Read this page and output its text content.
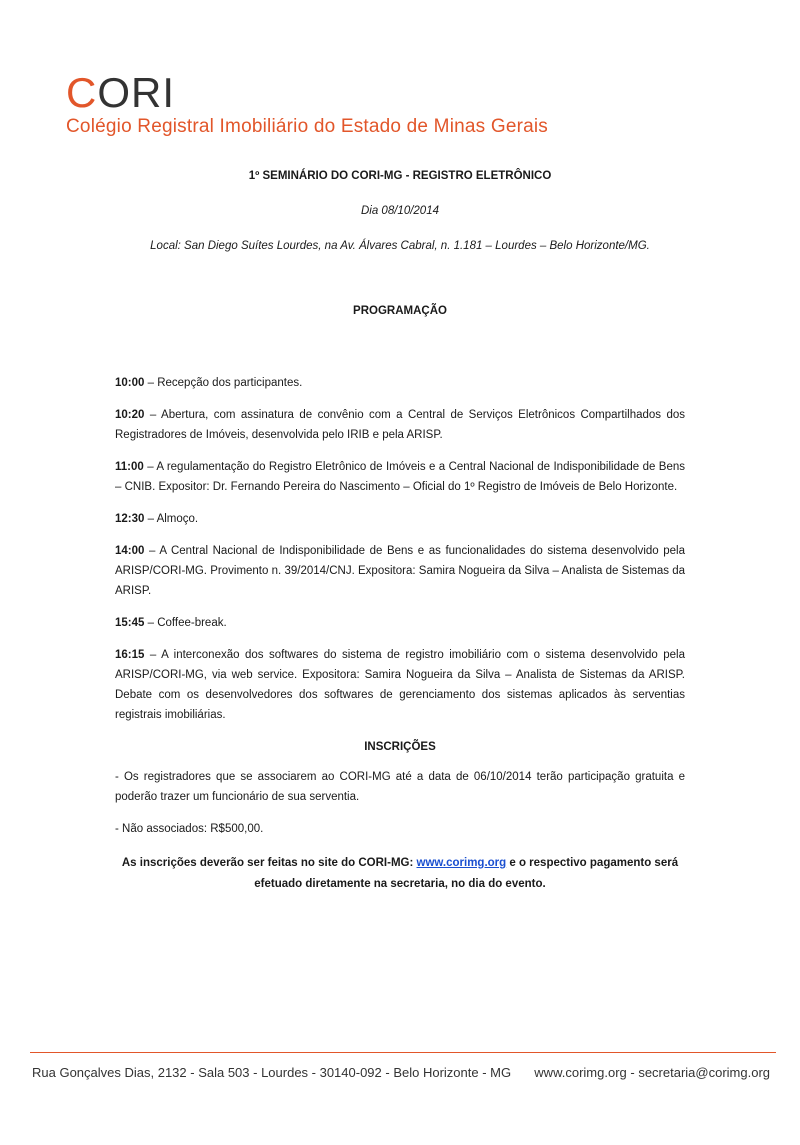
CORI
Colégio Registral Imobiliário do Estado de Minas Gerais
1º SEMINÁRIO DO CORI-MG - REGISTRO ELETRÔNICO
Dia 08/10/2014
Local: San Diego Suítes Lourdes, na Av. Álvares Cabral, n. 1.181 – Lourdes – Belo Horizonte/MG.
PROGRAMAÇÃO
10:00 – Recepção dos participantes.
10:20 – Abertura, com assinatura de convênio com a Central de Serviços Eletrônicos Compartilhados dos Registradores de Imóveis, desenvolvida pelo IRIB e pela ARISP.
11:00 – A regulamentação do Registro Eletrônico de Imóveis e a Central Nacional de Indisponibilidade de Bens – CNIB. Expositor: Dr. Fernando Pereira do Nascimento – Oficial do 1º Registro de Imóveis de Belo Horizonte.
12:30 – Almoço.
14:00 – A Central Nacional de Indisponibilidade de Bens e as funcionalidades do sistema desenvolvido pela ARISP/CORI-MG. Provimento n. 39/2014/CNJ. Expositora: Samira Nogueira da Silva – Analista de Sistemas da ARISP.
15:45 – Coffee-break.
16:15 – A interconexão dos softwares do sistema de registro imobiliário com o sistema desenvolvido pela ARISP/CORI-MG, via web service. Expositora: Samira Nogueira da Silva – Analista de Sistemas da ARISP. Debate com os desenvolvedores dos softwares de gerenciamento dos sistemas aplicados às serventias registrais imobiliárias.
INSCRIÇÕES
- Os registradores que se associarem ao CORI-MG até a data de 06/10/2014 terão participação gratuita e poderão trazer um funcionário de sua serventia.
- Não associados: R$500,00.
As inscrições deverão ser feitas no site do CORI-MG: www.corimg.org e o respectivo pagamento será efetuado diretamente na secretaria, no dia do evento.
Rua Gonçalves Dias, 2132 - Sala 503 - Lourdes - 30140-092 - Belo Horizonte - MG www.corimg.org - secretaria@corimg.org
